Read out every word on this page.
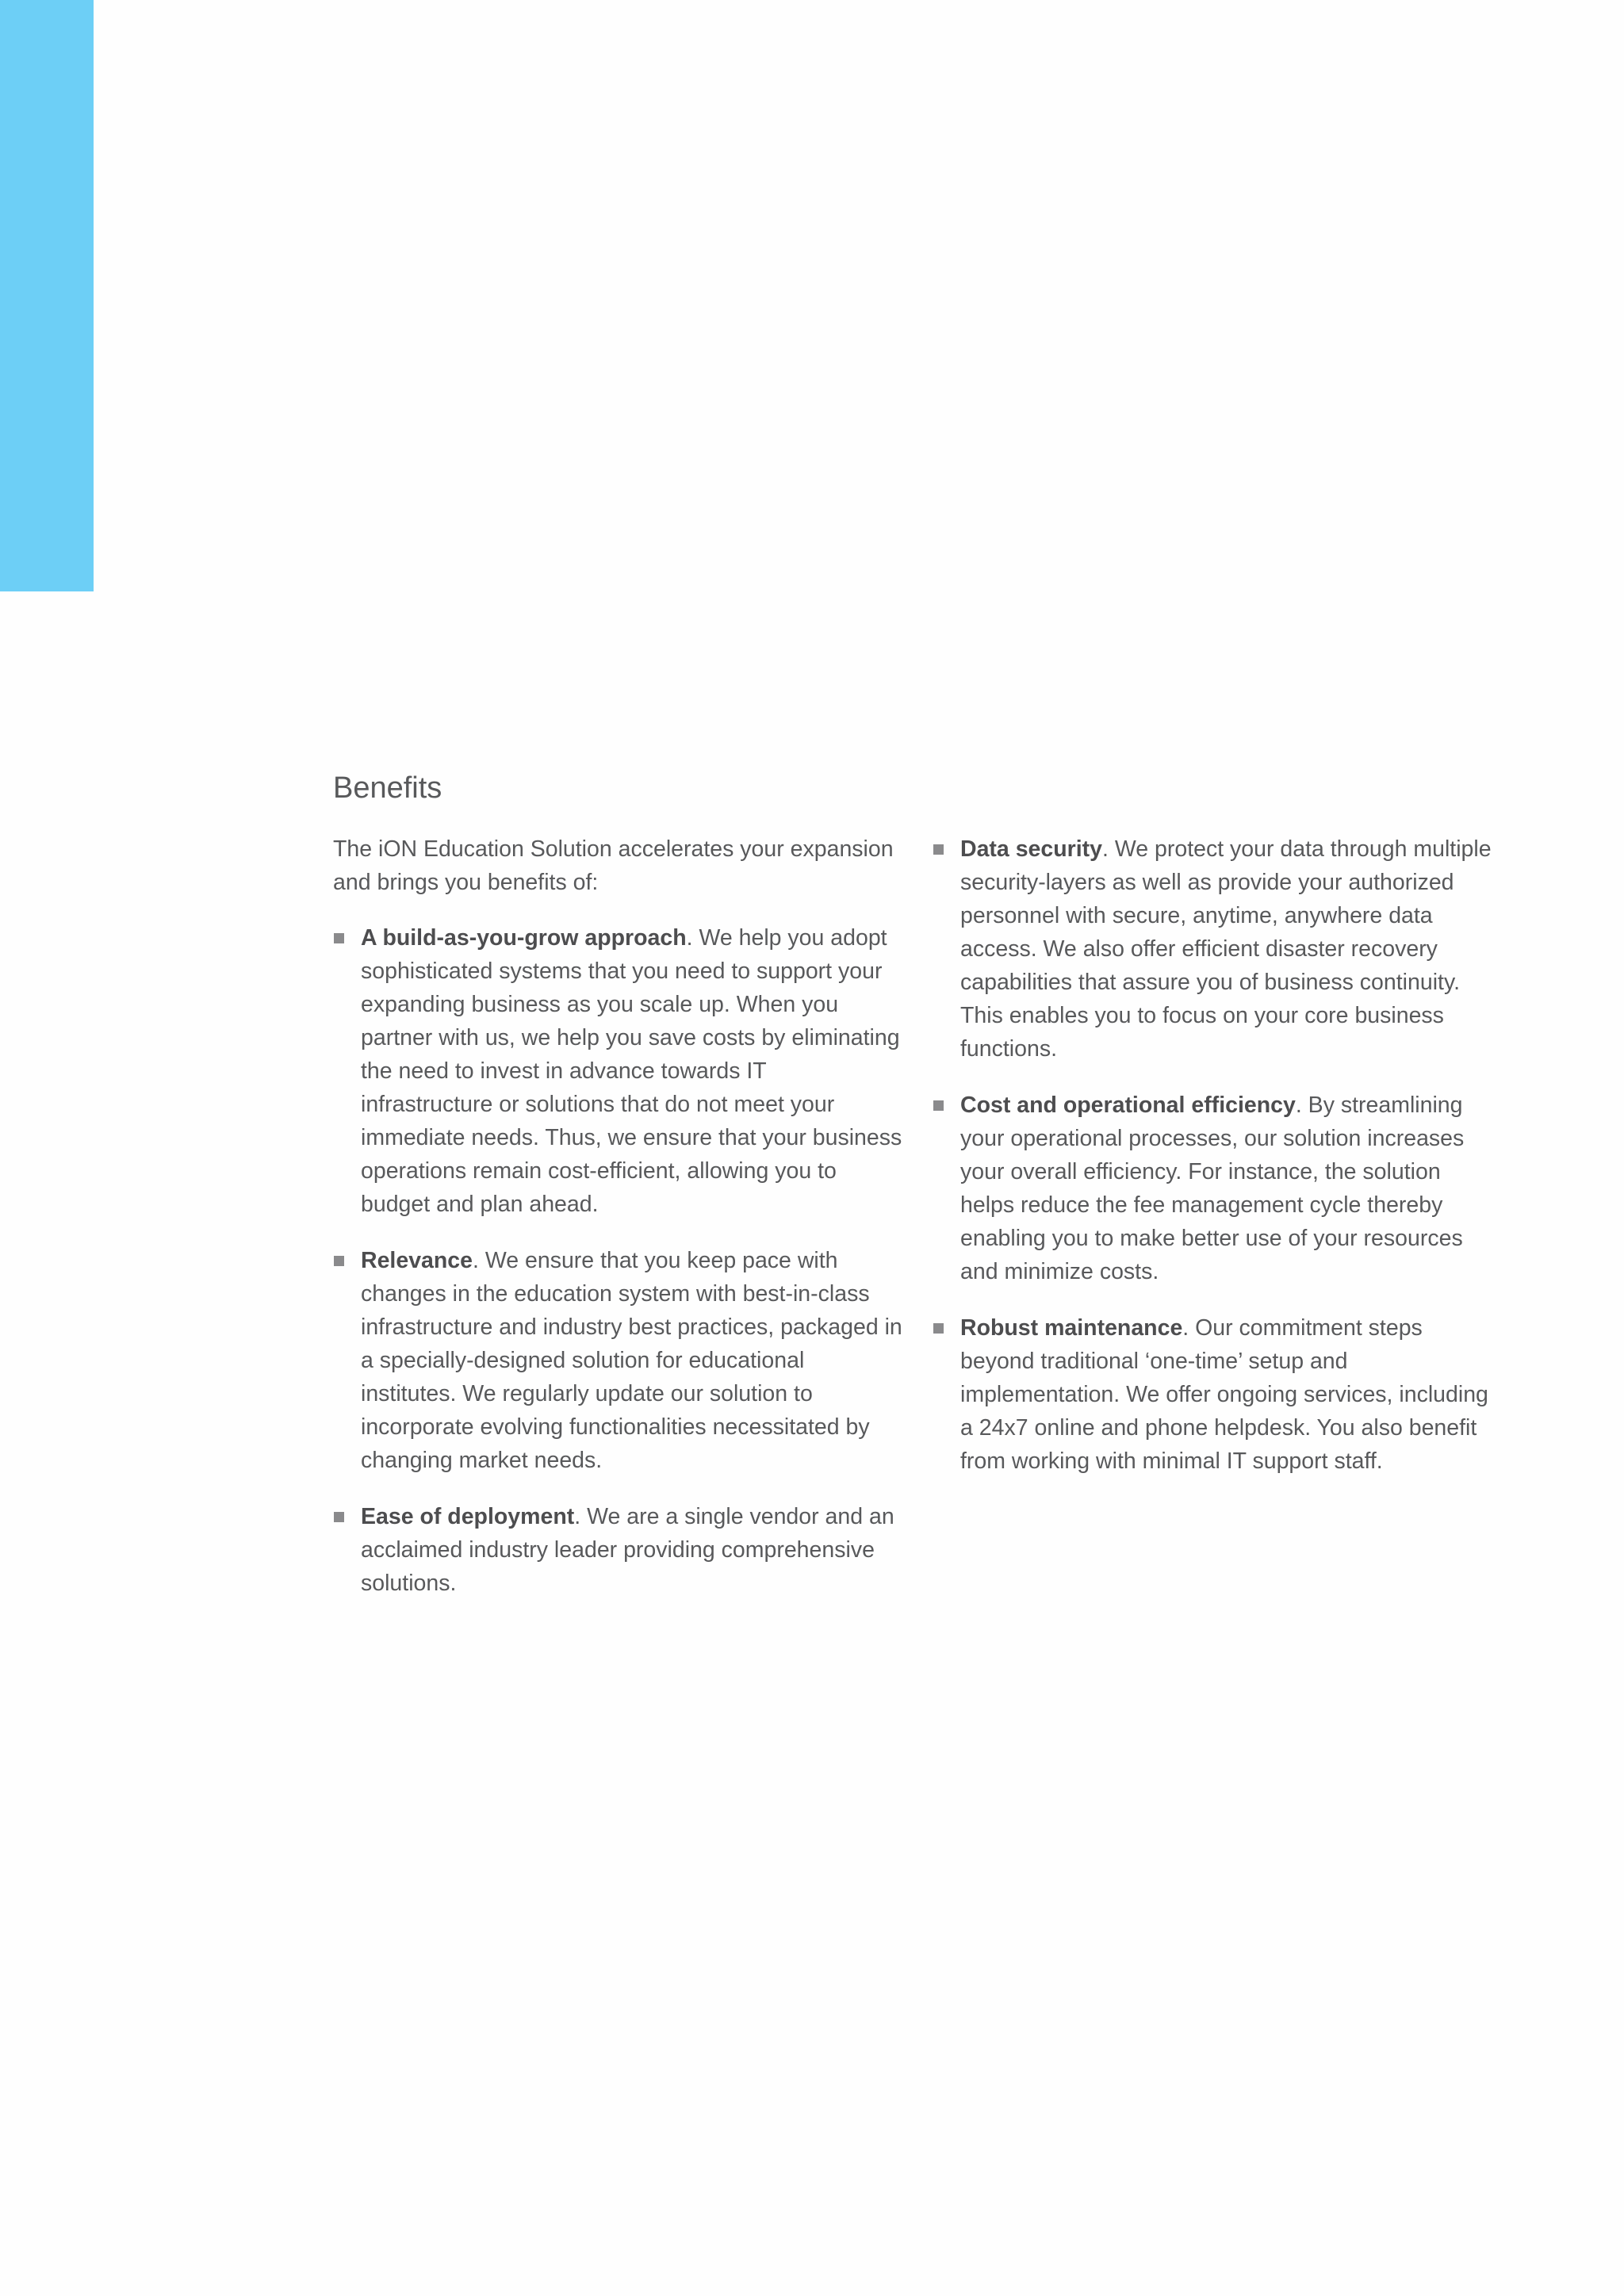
Benefits

The iON Education Solution accelerates your expansion and brings you benefits of:

A build-as-you-grow approach. We help you adopt sophisticated systems that you need to support your expanding business as you scale up. When you partner with us, we help you save costs by eliminating the need to invest in advance towards IT infrastructure or solutions that do not meet your immediate needs. Thus, we ensure that your business operations remain cost-efficient, allowing you to budget and plan ahead.
Relevance. We ensure that you keep pace with changes in the education system with best-in-class infrastructure and industry best practices, packaged in a specially-designed solution for educational institutes. We regularly update our solution to incorporate evolving functionalities necessitated by changing market needs.
Ease of deployment. We are a single vendor and an acclaimed industry leader providing comprehensive solutions.
Data security. We protect your data through multiple security-layers as well as provide your authorized personnel with secure, anytime, anywhere data access. We also offer efficient disaster recovery capabilities that assure you of business continuity. This enables you to focus on your core business functions.
Cost and operational efficiency. By streamlining your operational processes, our solution increases your overall efficiency. For instance, the solution helps reduce the fee management cycle thereby enabling you to make better use of your resources and minimize costs.
Robust maintenance. Our commitment steps beyond traditional ‘one-time’ setup and implementation. We offer ongoing services, including a 24x7 online and phone helpdesk. You also benefit from working with minimal IT support staff.
